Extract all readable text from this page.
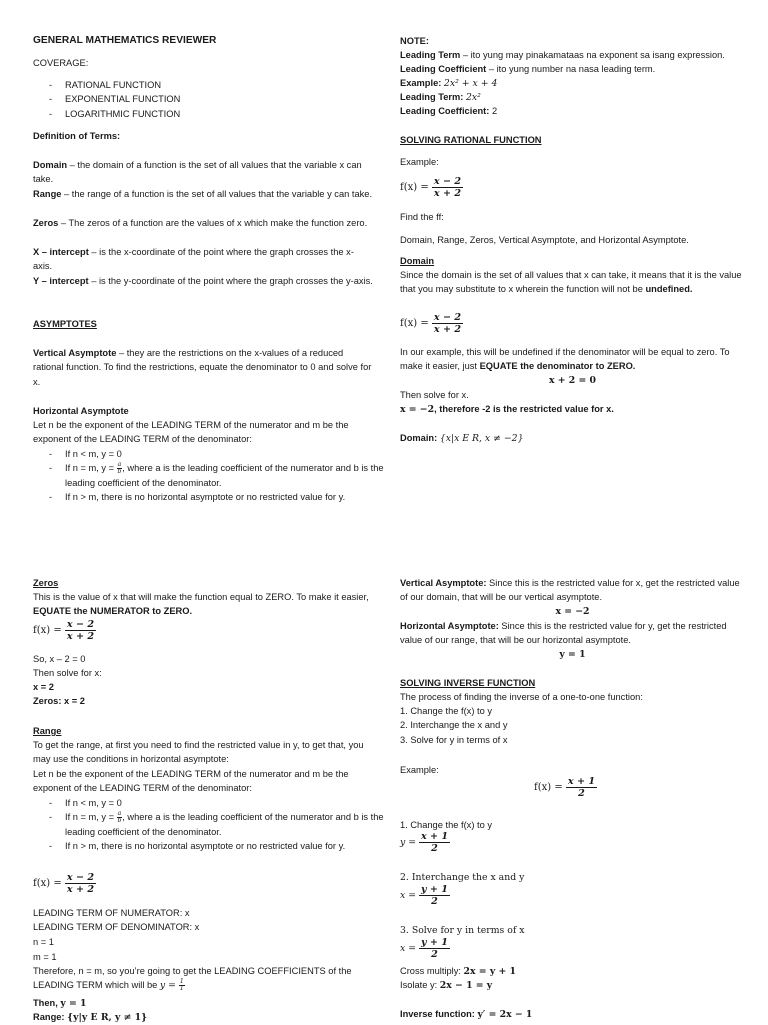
GENERAL MATHEMATICS REVIEWER
COVERAGE:
- RATIONAL FUNCTION
- EXPONENTIAL FUNCTION
- LOGARITHMIC FUNCTION
Definition of Terms:
Domain – the domain of a function is the set of all values that the variable x can take.
Range – the range of a function is the set of all values that the variable y can take.
Zeros – The zeros of a function are the values of x which make the function zero.
X – intercept – is the x-coordinate of the point where the graph crosses the x-axis.
Y – intercept – is the y-coordinate of the point where the graph crosses the y-axis.
ASYMPTOTES
Vertical Asymptote – they are the restrictions on the x-values of a reduced rational function. To find the restrictions, equate the denominator to 0 and solve for x.
Horizontal Asymptote
Let n be the exponent of the LEADING TERM of the numerator and m be the exponent of the LEADING TERM of the denominator:
- If n < m, y = 0
- If n = m, $y = \frac{a}{b}$ , where a is the leading coefficient of the numerator and b is the leading coefficient of the denominator.
- If n > m, there is no horizontal asymptote or no restricted value for y.
NOTE:
Leading Term – ito yung may pinakamataas na exponent sa isang expression.
Leading Coefficient – ito yung number na nasa leading term.
Example: 2x² + x + 4
Leading Term: 2x²
Leading Coefficient: 2
SOLVING RATIONAL FUNCTION
Example:
$f(x) = \frac{x - 2}{x + 2}$
Find the ff:
Domain, Range, Zeros, Vertical Asymptote, and Horizontal Asymptote.
Domain
Since the domain is the set of all values that x can take, it means that it is the value that you may substitute to x wherein the function will not be undefined.
$f(x) = \frac{x - 2}{x + 2}$
In our example, this will be undefined if the denominator will be equal to zero. To make it easier, just EQUATE the denominator to ZERO.
x + 2 = 0
Then solve for x.
x = −2, therefore -2 is the restricted value for x.
Domain: {x|x E R, x ≠ −2}
Zeros
This is the value of x that will make the function equal to ZERO. To make it easier, EQUATE the NUMERATOR to ZERO.
$f(x) = \frac{x - 2}{x + 2}$
So, x – 2 = 0
Then solve for x:
x = 2
Zeros: x = 2
Range
To get the range, at first you need to find the restricted value in y, to get that, you may use the conditions in horizontal asymptote:
Let n be the exponent of the LEADING TERM of the numerator and m be the exponent of the LEADING TERM of the denominator:
- If n < m, y = 0
- If n = m, $y = \frac{a}{b}$ , where a is the leading coefficient of the numerator and b is the leading coefficient of the denominator.
- If n > m, there is no horizontal asymptote or no restricted value for y.
$f(x) = \frac{x - 2}{x + 2}$
LEADING TERM OF NUMERATOR: x
LEADING TERM OF DENOMINATOR: x
n = 1
m = 1
Therefore, n = m, so you’re going to get the LEADING COEFFICIENTS of the LEADING TERM which will be $y = \frac{1}{1}$
Then, y = 1
Range: {y|y E R, y ≠ 1}
Vertical Asymptote: Since this is the restricted value for x, get the restricted value of our domain, that will be our vertical asymptote.
x = −2
Horizontal Asymptote: Since this is the restricted value for y, get the restricted value of our range, that will be our horizontal asymptote.
y = 1
SOLVING INVERSE FUNCTION
The process of finding the inverse of a one-to-one function:
1. Change the f(x) to y
2. Interchange the x and y
3. Solve for y in terms of x
Example:
$f(x) = \frac{x + 1}{2}$
1. Change the f(x) to y
$y = \frac{x + 1}{2}$
2. Interchange the x and y
$x = \frac{y + 1}{2}$
3. Solve for y in terms of x
$x = \frac{y + 1}{2}$
Cross multiply: 2x = y + 1
Isolate y: 2x − 1 = y
Inverse function: y′ = 2x − 1
